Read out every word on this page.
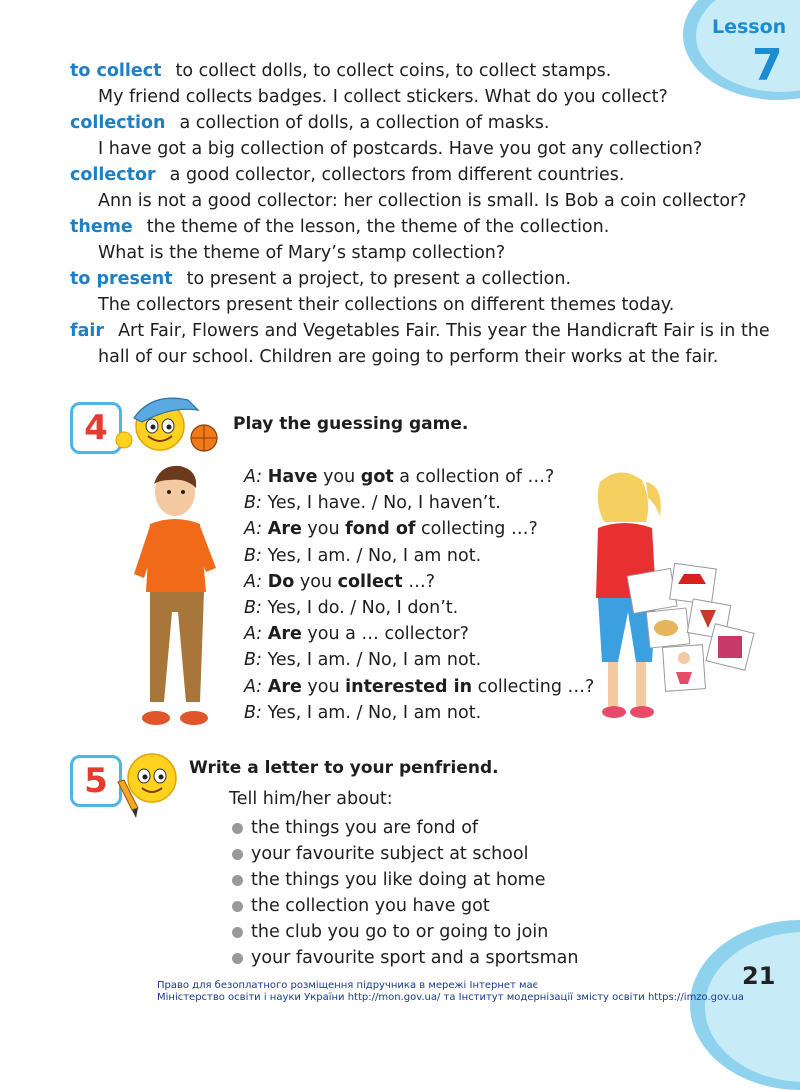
Lesson
7
to collect to collect dolls, to collect coins, to collect stamps.
My friend collects badges. I collect stickers. What do you collect?
collection a collection of dolls, a collection of masks.
I have got a big collection of postcards. Have you got any collection?
collector a good collector, collectors from different countries.
Ann is not a good collector: her collection is small. Is Bob a coin collector?
theme the theme of the lesson, the theme of the collection.
What is the theme of Mary’s stamp collection?
to present to present a project, to present a collection.
The collectors present their collections on different themes today.
fair Art Fair, Flowers and Vegetables Fair. This year the Handicraft Fair is in the
hall of our school. Children are going to perform their works at the fair.
4	Play the guessing game.
A: Have you got a collection of …?
B: Yes, I have. / No, I haven’t.
A: Are you fond of collecting …?
B: Yes, I am. / No, I am not.
A: Do you collect …?
B: Yes, I do. / No, I don’t.
A: Are you a … collector?
B: Yes, I am. / No, I am not.
A: Are you interested in collecting …?
B: Yes, I am. / No, I am not.
5	Write a letter to your penfriend.
Tell him/her about:
the things you are fond of
your favourite subject at school
the things you like doing at home
the collection you have got
the club you go to or going to join
your favourite sport and a sportsman
21
Право для безоплатного розміщення підручника в мережі Інтернет має
Міністерство освіти і науки України http://mon.gov.ua/ та Інститут модернізації змісту освіти https://imzo.gov.ua
